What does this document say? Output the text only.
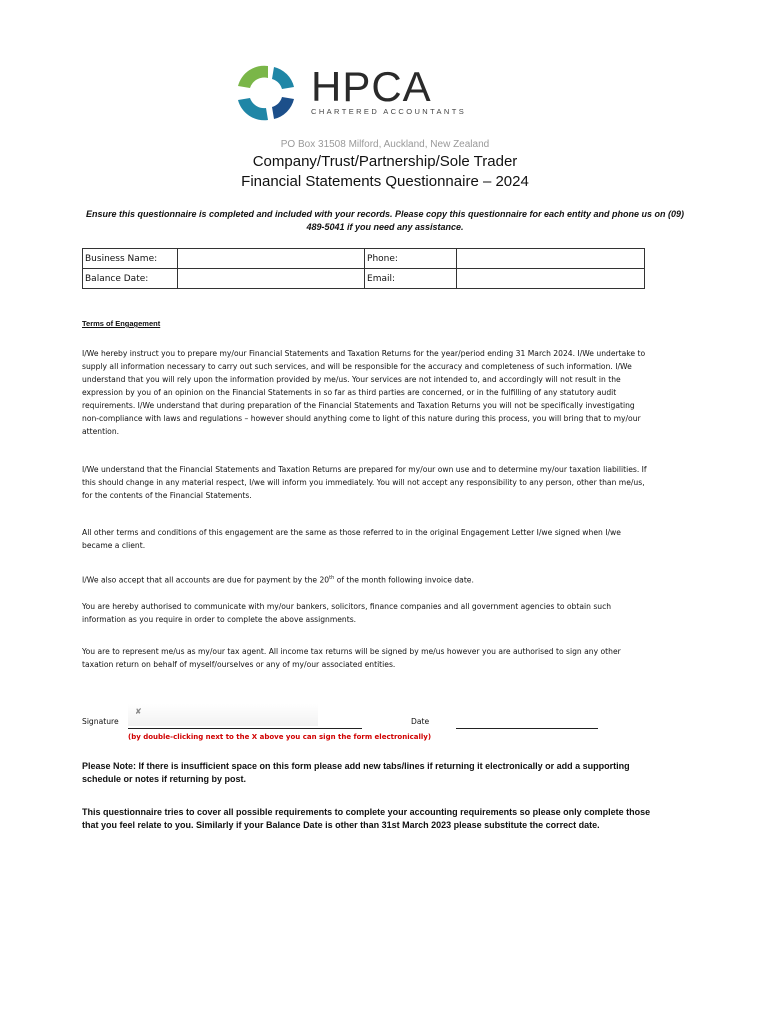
HPCA
CHARTERED ACCOUNTANTS
PO Box 31508 Milford, Auckland, New Zealand
Company/Trust/Partnership/Sole Trader
Financial Statements Questionnaire – 2024
Ensure this questionnaire is completed and included with your records. Please copy this questionnaire for each entity and phone us on (09) 489-5041 if you need any assistance.
Business Name:		Phone:	
Balance Date:		Email:	
Terms of Engagement
I/We hereby instruct you to prepare my/our Financial Statements and Taxation Returns for the year/period ending 31 March 2024. I/We undertake to supply all information necessary to carry out such services, and will be responsible for the accuracy and completeness of such information. I/We understand that you will rely upon the information provided by me/us. Your services are not intended to, and accordingly will not result in the expression by you of an opinion on the Financial Statements in so far as third parties are concerned, or in the fulfilling of any statutory audit requirements. I/We understand that during preparation of the Financial Statements and Taxation Returns you will not be specifically investigating non-compliance with laws and regulations – however should anything come to light of this nature during this process, you will bring that to my/our attention.
I/We understand that the Financial Statements and Taxation Returns are prepared for my/our own use and to determine my/our taxation liabilities. If this should change in any material respect, I/we will inform you immediately. You will not accept any responsibility to any person, other than me/us, for the contents of the Financial Statements.
All other terms and conditions of this engagement are the same as those referred to in the original Engagement Letter I/we signed when I/we became a client.
I/We also accept that all accounts are due for payment by the 20th of the month following invoice date.
You are hereby authorised to communicate with my/our bankers, solicitors, finance companies and all government agencies to obtain such information as you require in order to complete the above assignments.
You are to represent me/us as my/our tax agent. All income tax returns will be signed by me/us however you are authorised to sign any other taxation return on behalf of myself/ourselves or any of my/our associated entities.
Signature
✘
Date
(by double-clicking next to the X above you can sign the form electronically)
Please Note: If there is insufficient space on this form please add new tabs/lines if returning it electronically or add a supporting schedule or notes if returning by post.
This questionnaire tries to cover all possible requirements to complete your accounting requirements so please only complete those that you feel relate to you. Similarly if your Balance Date is other than 31st March 2023 please substitute the correct date.
